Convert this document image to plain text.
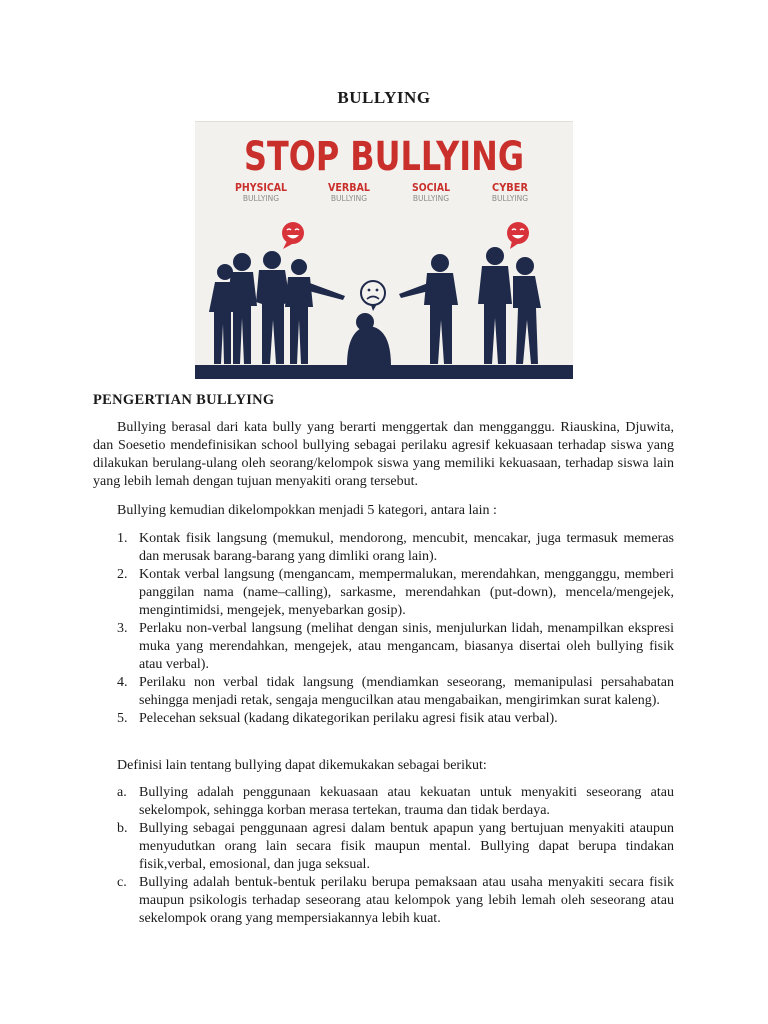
BULLYING
STOP BULLYING
PHYSICAL
BULLYING
VERBAL
BULLYING
SOCIAL
BULLYING
CYBER
BULLYING
PENGERTIAN BULLYING

Bullying berasal dari kata bully yang berarti menggertak dan mengganggu. Riauskina, Djuwita, dan Soesetio mendefinisikan school bullying sebagai perilaku agresif kekuasaan terhadap siswa yang dilakukan berulang-ulang oleh seorang/kelompok siswa yang memiliki kekuasaan, terhadap siswa lain yang lebih lemah dengan tujuan menyakiti orang tersebut.

Bullying kemudian dikelompokkan menjadi 5 kategori, antara lain :

1. Kontak fisik langsung (memukul, mendorong, mencubit, mencakar, juga termasuk memeras dan merusak barang-barang yang dimliki orang lain).
2. Kontak verbal langsung (mengancam, mempermalukan, merendahkan, mengganggu, memberi panggilan nama (name–calling), sarkasme, merendahkan (put-down), mencela/mengejek, mengintimidsi, mengejek, menyebarkan gosip).
3. Perlaku non-verbal langsung (melihat dengan sinis, menjulurkan lidah, menampilkan ekspresi muka yang merendahkan, mengejek, atau mengancam, biasanya disertai oleh bullying fisik atau verbal).
4. Perilaku non verbal tidak langsung (mendiamkan seseorang, memanipulasi persahabatan sehingga menjadi retak, sengaja mengucilkan atau mengabaikan, mengirimkan surat kaleng).
5. Pelecehan seksual (kadang dikategorikan perilaku agresi fisik atau verbal).

Definisi lain tentang bullying dapat dikemukakan sebagai berikut:

a. Bullying adalah penggunaan kekuasaan atau kekuatan untuk menyakiti seseorang atau sekelompok, sehingga korban merasa tertekan, trauma dan tidak berdaya.
b. Bullying sebagai penggunaan agresi dalam bentuk apapun yang bertujuan menyakiti ataupun menyudutkan orang lain secara fisik maupun mental. Bullying dapat berupa tindakan fisik,verbal, emosional, dan juga seksual.
c. Bullying adalah bentuk-bentuk perilaku berupa pemaksaan atau usaha menyakiti secara fisik maupun psikologis terhadap seseorang atau kelompok yang lebih lemah oleh seseorang atau sekelompok orang yang mempersiakannya lebih kuat.
